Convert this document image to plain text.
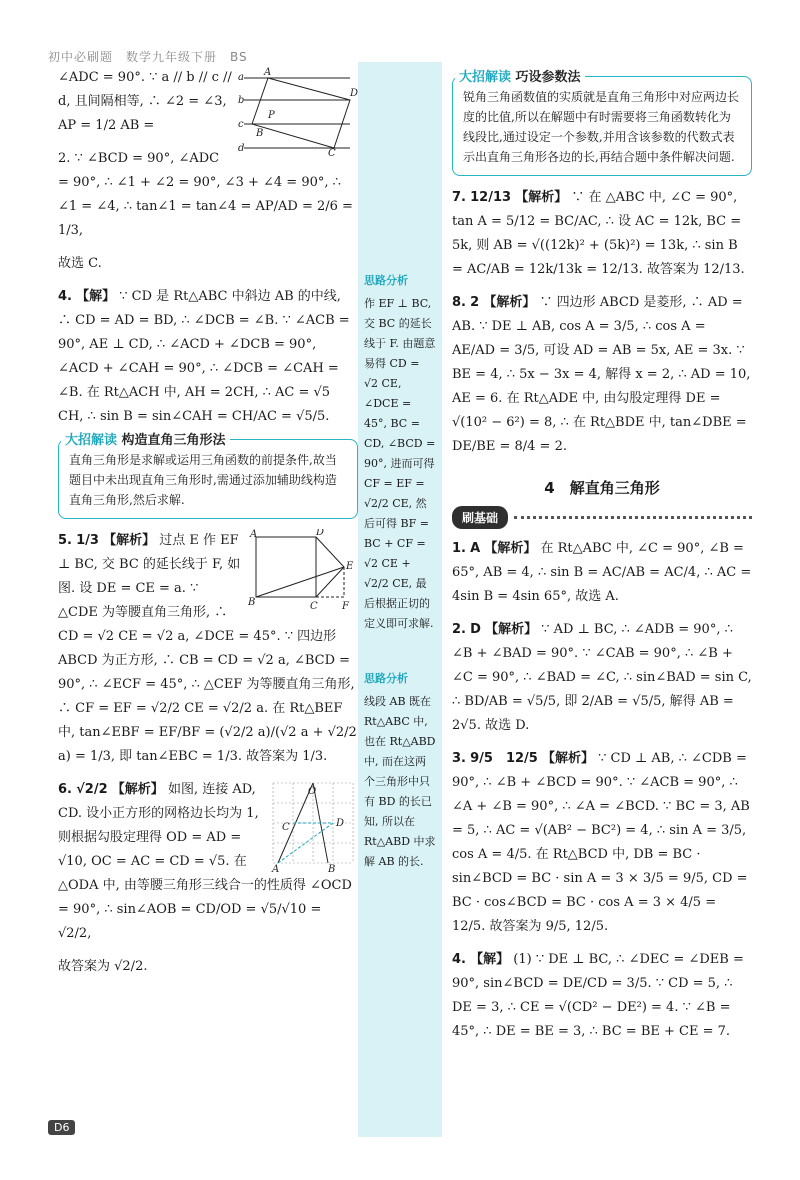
初中必刷题　数学九年级下册　BS
a
b
c
d
A
D
B
C
P

∠ADC = 90°. ∵ a // b // c // d, 且间隔相等, ∴ ∠2 = ∠3, AP = 1/2 AB =

2. ∵ ∠BCD = 90°, ∠ADC = 90°, ∴ ∠1 + ∠2 = 90°, ∠3 + ∠4 = 90°, ∴ ∠1 = ∠4, ∴ tan∠1 = tan∠4 = AP/AD = 2/6 = 1/3,

故选 C.

4. 【解】 ∵ CD 是 Rt△ABC 中斜边 AB 的中线, ∴ CD = AD = BD, ∴ ∠DCB = ∠B. ∵ ∠ACB = 90°, AE ⊥ CD, ∴ ∠ACD + ∠DCB = 90°, ∠ACD + ∠CAH = 90°, ∴ ∠DCB = ∠CAH = ∠B. 在 Rt△ACH 中, AH = 2CH, ∴ AC = √5 CH, ∴ sin B = sin∠CAH = CH/AC = √5/5.

大招解读 构造直角三角形法

直角三角形是求解或运用三角函数的前提条件,故当题目中未出现直角三角形时,需通过添加辅助线构造直角三角形,然后求解.

A	D
E
B	C F

5. 1/3 【解析】 过点 E 作 EF ⊥ BC, 交 BC 的延长线于 F, 如图. 设 DE = CE = a. ∵ △CDE 为等腰直角三角形, ∴ CD = √2 CE = √2 a, ∠DCE = 45°. ∵ 四边形 ABCD 为正方形, ∴ CB = CD = √2 a, ∠BCD = 90°, ∴ ∠ECF = 45°, ∴ △CEF 为等腰直角三角形, ∴ CF = EF = √2/2 CE = √2/2 a. 在 Rt△BEF 中, tan∠EBF = EF/BF = (√2/2 a)/(√2 a + √2/2 a) = 1/3, 即 tan∠EBC = 1/3. 故答案为 1/3.

O
C	D
A	B

6. √2/2 【解析】 如图, 连接 AD, CD. 设小正方形的网格边长均为 1, 则根据勾股定理得 OD = AD = √10, OC = AC = CD = √5. 在 △ODA 中, 由等腰三角形三线合一的性质得 ∠OCD = 90°, ∴ sin∠AOB = CD/OD = √5/√10 = √2/2,

故答案为 √2/2.

思路分析

作 EF ⊥ BC, 交 BC 的延长线于 F. 由题意易得 CD = √2 CE, ∠DCE = 45°, BC = CD, ∠BCD = 90°, 进而可得 CF = EF = √2/2 CE, 然后可得 BF = BC + CF = √2 CE + √2/2 CE, 最后根据正切的定义即可求解.

思路分析

线段 AB 既在 Rt△ABC 中, 也在 Rt△ABD 中, 而在这两个三角形中只有 BD 的长已知, 所以在 Rt△ABD 中求解 AB 的长.

大招解读 巧设参数法

锐角三角函数值的实质就是直角三角形中对应两边长度的比值,所以在解题中有时需要将三角函数转化为线段比,通过设定一个参数,并用含该参数的代数式表示出直角三角形各边的长,再结合题中条件解决问题.

7. 12/13 【解析】 ∵ 在 △ABC 中, ∠C = 90°, tan A = 5/12 = BC/AC, ∴ 设 AC = 12k, BC = 5k, 则 AB = √((12k)² + (5k)²) = 13k, ∴ sin B = AC/AB = 12k/13k = 12/13. 故答案为 12/13.

8. 2 【解析】 ∵ 四边形 ABCD 是菱形, ∴ AD = AB. ∵ DE ⊥ AB, cos A = 3/5, ∴ cos A = AE/AD = 3/5, 可设 AD = AB = 5x, AE = 3x. ∵ BE = 4, ∴ 5x − 3x = 4, 解得 x = 2, ∴ AD = 10, AE = 6. 在 Rt△ADE 中, 由勾股定理得 DE = √(10² − 6²) = 8, ∴ 在 Rt△BDE 中, tan∠DBE = DE/BE = 8/4 = 2.

4　解直角三角形
刷基础

1. A 【解析】 在 Rt△ABC 中, ∠C = 90°, ∠B = 65°, AB = 4, ∴ sin B = AC/AB = AC/4, ∴ AC = 4sin B = 4sin 65°, 故选 A.

2. D 【解析】 ∵ AD ⊥ BC, ∴ ∠ADB = 90°, ∴ ∠B + ∠BAD = 90°. ∵ ∠CAB = 90°, ∴ ∠B + ∠C = 90°, ∴ ∠BAD = ∠C, ∴ sin∠BAD = sin C, ∴ BD/AB = √5/5, 即 2/AB = √5/5, 解得 AB = 2√5. 故选 D.

3. 9/5　12/5 【解析】 ∵ CD ⊥ AB, ∴ ∠CDB = 90°, ∴ ∠B + ∠BCD = 90°. ∵ ∠ACB = 90°, ∴ ∠A + ∠B = 90°, ∴ ∠A = ∠BCD. ∵ BC = 3, AB = 5, ∴ AC = √(AB² − BC²) = 4, ∴ sin A = 3/5, cos A = 4/5. 在 Rt△BCD 中, DB = BC · sin∠BCD = BC · sin A = 3 × 3/5 = 9/5, CD = BC · cos∠BCD = BC · cos A = 3 × 4/5 = 12/5. 故答案为 9/5, 12/5.

4. 【解】 (1) ∵ DE ⊥ BC, ∴ ∠DEC = ∠DEB = 90°, sin∠BCD = DE/CD = 3/5. ∵ CD = 5, ∴ DE = 3, ∴ CE = √(CD² − DE²) = 4. ∵ ∠B = 45°, ∴ DE = BE = 3, ∴ BC = BE + CE = 7.

D6
